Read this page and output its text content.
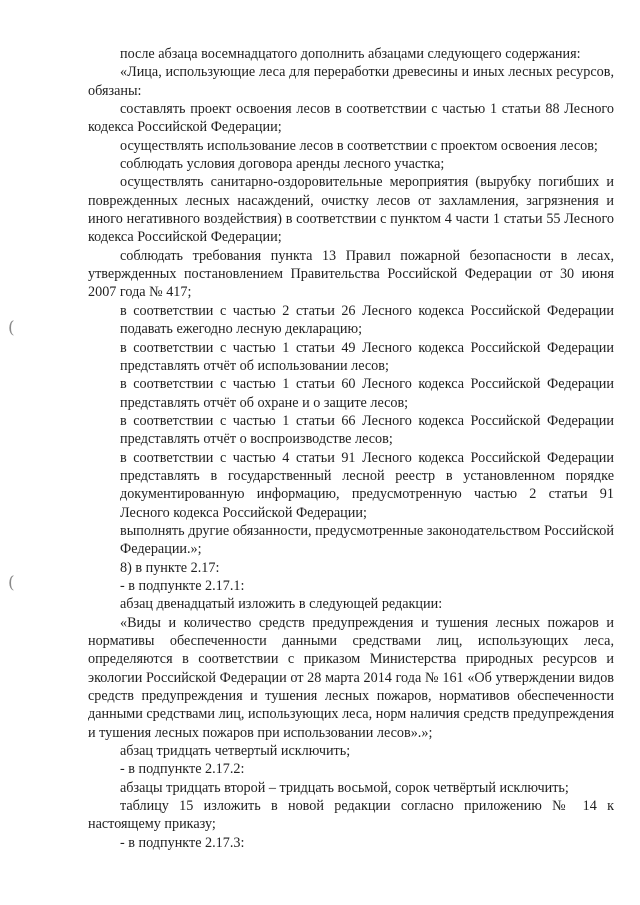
(
(

после абзаца восемнадцатого дополнить абзацами следующего содержания:

«Лица, использующие леса для переработки древесины и иных лесных ресурсов, обязаны:

составлять проект освоения лесов в соответствии с частью 1 статьи 88 Лесного кодекса Российской Федерации;

осуществлять использование лесов в соответствии с проектом освоения лесов;

соблюдать условия договора аренды лесного участка;

осуществлять санитарно-оздоровительные мероприятия (вырубку погибших и поврежденных лесных насаждений, очистку лесов от захламления, загрязнения и иного негативного воздействия) в соответствии с пунктом 4 части 1 статьи 55 Лесного кодекса Российской Федерации;

соблюдать требования пункта 13 Правил пожарной безопасности в лесах, утвержденных постановлением Правительства Российской Федерации от 30 июня 2007 года № 417;

в соответствии с частью 2 статьи 26 Лесного кодекса Российской Федерации подавать ежегодно лесную декларацию;

в соответствии с частью 1 статьи 49 Лесного кодекса Российской Федерации представлять отчёт об использовании лесов;

в соответствии с частью 1 статьи 60 Лесного кодекса Российской Федерации представлять отчёт об охране и о защите лесов;

в соответствии с частью 1 статьи 66 Лесного кодекса Российской Федерации представлять отчёт о воспроизводстве лесов;

в соответствии с частью 4 статьи 91 Лесного кодекса Российской Федерации представлять в государственный лесной реестр в установленном порядке документированную информацию, предусмотренную частью 2 статьи 91 Лесного кодекса Российской Федерации;

выполнять другие обязанности, предусмотренные законодательством Российской Федерации.»;

8) в пункте 2.17:

- в подпункте 2.17.1:

абзац двенадцатый изложить в следующей редакции:

«Виды и количество средств предупреждения и тушения лесных пожаров и нормативы обеспеченности данными средствами лиц, использующих леса, определяются в соответствии с приказом Министерства природных ресурсов и экологии Российской Федерации от 28 марта 2014 года № 161 «Об утверждении видов средств предупреждения и тушения лесных пожаров, нормативов обеспеченности данными средствами лиц, использующих леса, норм наличия средств предупреждения и тушения лесных пожаров при использовании лесов».»;

абзац тридцать четвертый исключить;

- в подпункте 2.17.2:

абзацы тридцать второй – тридцать восьмой, сорок четвёртый исключить;

таблицу 15 изложить в новой редакции согласно приложению № 14 к настоящему приказу;

- в подпункте 2.17.3:
